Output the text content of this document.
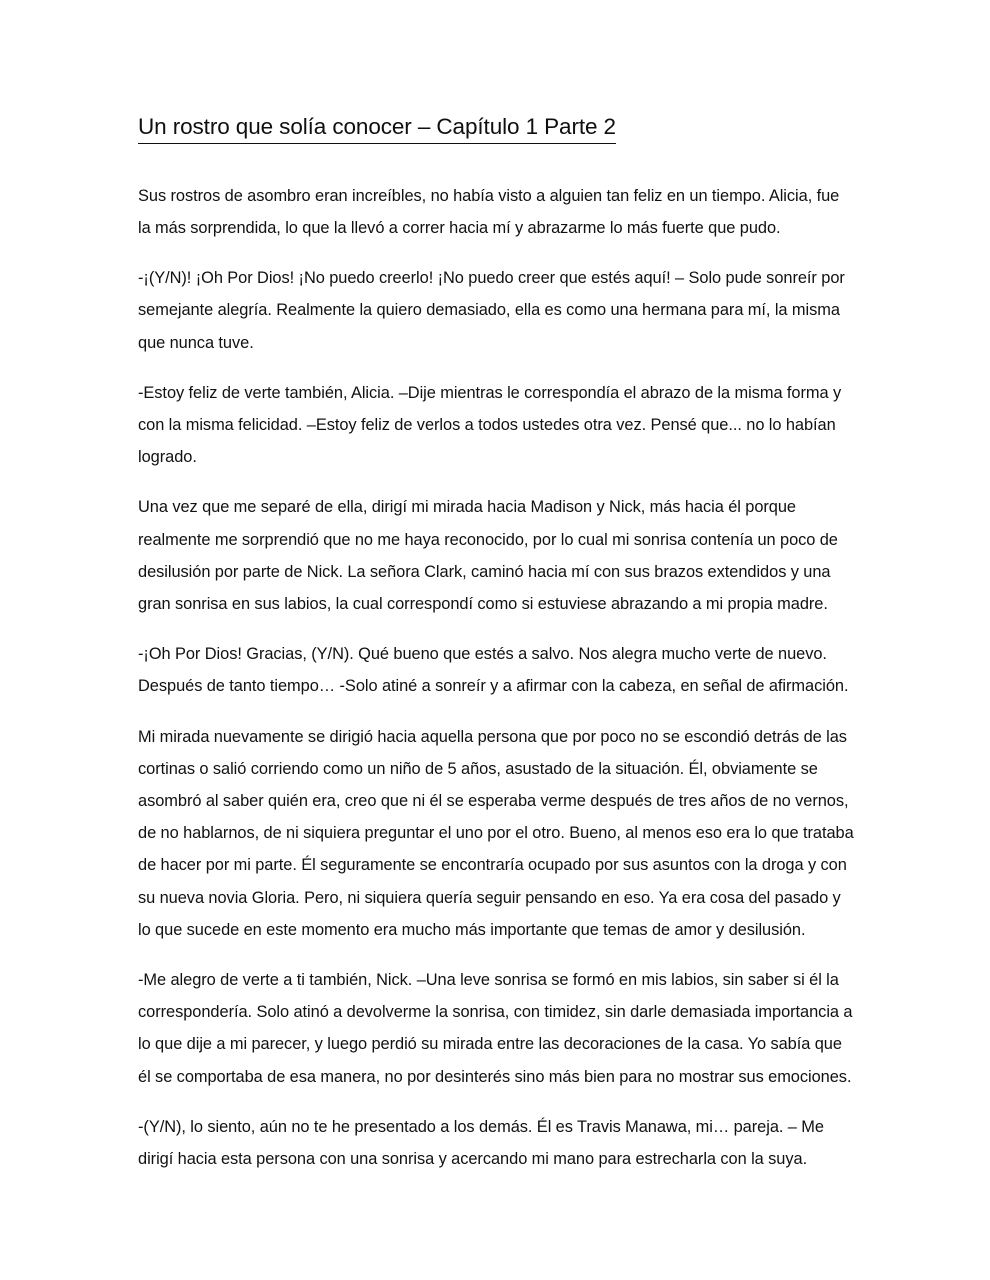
Un rostro que solía conocer – Capítulo 1 Parte 2

Sus rostros de asombro eran increíbles, no había visto a alguien tan feliz en un tiempo. Alicia, fue la más sorprendida, lo que la llevó a correr hacia mí y abrazarme lo más fuerte que pudo.

-¡(Y/N)! ¡Oh Por Dios! ¡No puedo creerlo! ¡No puedo creer que estés aquí! – Solo pude sonreír por semejante alegría. Realmente la quiero demasiado, ella es como una hermana para mí, la misma que nunca tuve.

-Estoy feliz de verte también, Alicia. –Dije mientras le correspondía el abrazo de la misma forma y con la misma felicidad. –Estoy feliz de verlos a todos ustedes otra vez. Pensé que... no lo habían logrado.

Una vez que me separé de ella, dirigí mi mirada hacia Madison y Nick, más hacia él porque realmente me sorprendió que no me haya reconocido, por lo cual mi sonrisa contenía un poco de desilusión por parte de Nick. La señora Clark, caminó hacia mí con sus brazos extendidos y una gran sonrisa en sus labios, la cual correspondí como si estuviese abrazando a mi propia madre.

-¡Oh Por Dios! Gracias, (Y/N). Qué bueno que estés a salvo. Nos alegra mucho verte de nuevo. Después de tanto tiempo… -Solo atiné a sonreír y a afirmar con la cabeza, en señal de afirmación.

Mi mirada nuevamente se dirigió hacia aquella persona que por poco no se escondió detrás de las cortinas o salió corriendo como un niño de 5 años, asustado de la situación. Él, obviamente se asombró al saber quién era, creo que ni él se esperaba verme después de tres años de no vernos, de no hablarnos, de ni siquiera preguntar el uno por el otro. Bueno, al menos eso era lo que trataba de hacer por mi parte. Él seguramente se encontraría ocupado por sus asuntos con la droga y con su nueva novia Gloria. Pero, ni siquiera quería seguir pensando en eso. Ya era cosa del pasado y lo que sucede en este momento era mucho más importante que temas de amor y desilusión.

-Me alegro de verte a ti también, Nick. –Una leve sonrisa se formó en mis labios, sin saber si él la correspondería. Solo atinó a devolverme la sonrisa, con timidez, sin darle demasiada importancia a lo que dije a mi parecer, y luego perdió su mirada entre las decoraciones de la casa. Yo sabía que él se comportaba de esa manera, no por desinterés sino más bien para no mostrar sus emociones.

-(Y/N), lo siento, aún no te he presentado a los demás. Él es Travis Manawa, mi… pareja. – Me dirigí hacia esta persona con una sonrisa y acercando mi mano para estrecharla con la suya.
